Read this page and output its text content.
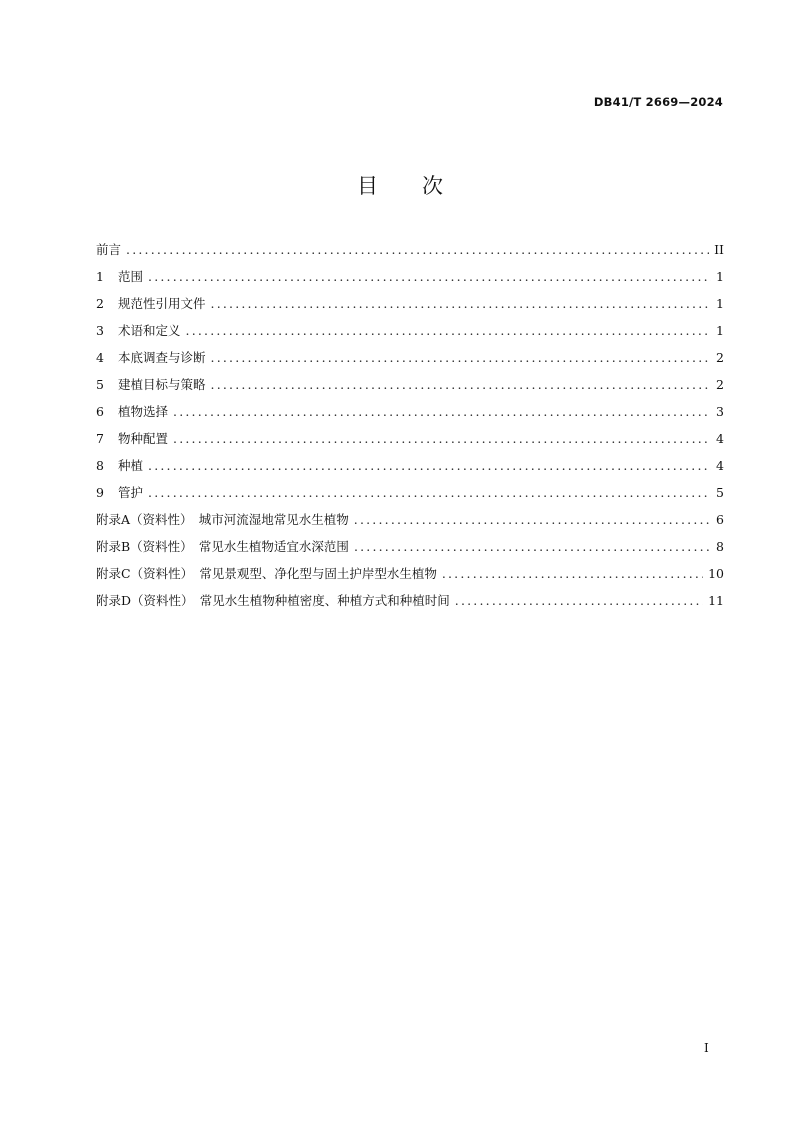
DB41/T 2669—2024
目次
前言 .....	II
1	范围 .....	1
2	规范性引用文件 .....	1
3	术语和定义 .....	1
4	本底调查与诊断 .....	2
5	建植目标与策略 .....	2
6	植物选择 .....	3
7	物种配置 .....	4
8	种植 .....	4
9	管护 .....	5
附录A（资料性）　城市河流湿地常见水生植物 .....	6
附录B（资料性）　常见水生植物适宜水深范围 .....	8
附录C（资料性）　常见景观型、净化型与固土护岸型水生植物 .....	10
附录D（资料性）　常见水生植物种植密度、种植方式和种植时间 .....	11
I
